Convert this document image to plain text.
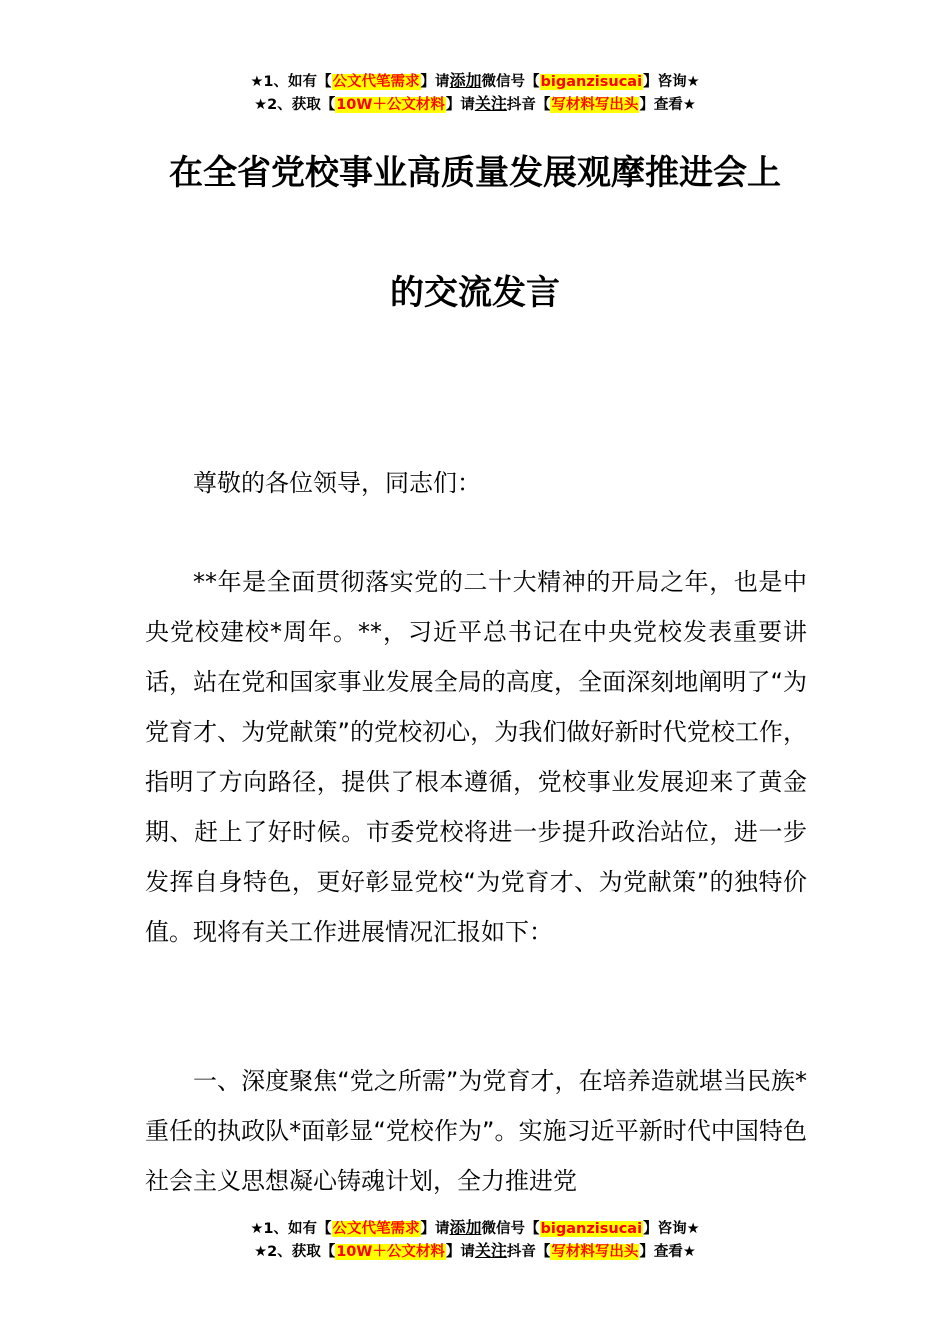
★1、如有【公文代笔需求】请添加微信号【biganzisucai】咨询★
★2、获取【10W＋公文材料】请关注抖音【写材料写出头】查看★
在全省党校事业高质量发展观摩推进会上
的交流发言
尊敬的各位领导，同志们：
**年是全面贯彻落实党的二十大精神的开局之年，也是中央党校建校*周年。**，习近平总书记在中央党校发表重要讲话，站在党和国家事业发展全局的高度，全面深刻地阐明了“为党育才、为党献策”的党校初心，为我们做好新时代党校工作，指明了方向路径，提供了根本遵循，党校事业发展迎来了黄金期、赶上了好时候。市委党校将进一步提升政治站位，进一步发挥自身特色，更好彰显党校“为党育才、为党献策”的独特价值。现将有关工作进展情况汇报如下：
一、深度聚焦“党之所需”为党育才，在培养造就堪当民族*重任的执政队*面彰显“党校作为”。实施习近平新时代中国特色社会主义思想凝心铸魂计划，全力推进党
★1、如有【公文代笔需求】请添加微信号【biganzisucai】咨询★
★2、获取【10W＋公文材料】请关注抖音【写材料写出头】查看★
